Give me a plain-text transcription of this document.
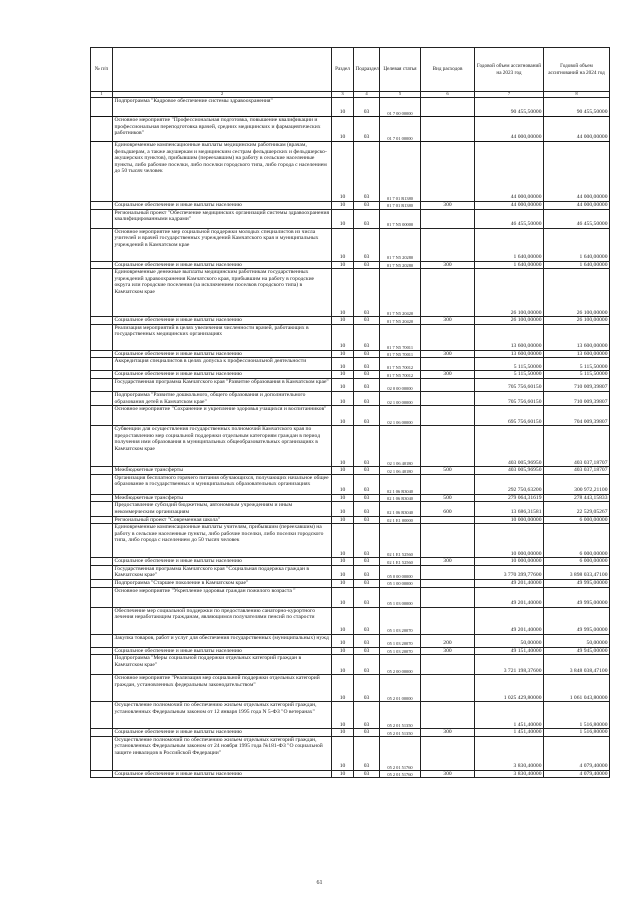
№ п/п		Раздел	Подраздел	Целевая статья	Вид расходов	Годовой объем ассигнований на 2023 год	Годовой объем ассигнований на 2024 год
1	2	3	4	5	6	7	8
	Подпрограмма "Кадровое обеспечение системы здравоохранения"	10	03	01 7 00 00000		90 455,50000	90 455,50000
	Основное мероприятие "Профессиональная подготовка, повышение квалификации и профессиональная переподготовка врачей, средних медицинских и фармацевтических работников"	10	03	01 7 01 00000		44 000,00000	44 000,00000
	Единовременные компенсационные выплаты медицинским работникам (врачам, фельдшерам, а также акушеркам и медицинским сестрам фельдшерских и фельдшерско-акушерских пунктов), прибывшим (переехавшим) на работу в сельские населенные пункты, либо рабочие поселки, либо поселки городского типа, либо города с населением до 50 тысяч человек	10	03	01 7 01 R1380		44 000,00000	44 000,00000
	Социальное обеспечение и иные выплаты населению	10	03	01 7 01 R1380	300	44 000,00000	44 000,00000
	Региональный проект "Обеспечение медицинских организаций системы здравоохранения квалифицированными кадрами"	10	03	01 7 N5 00000		46 455,50000	46 455,50000
	Основное мероприятие мер социальной поддержки молодых специалистов из числа учителей и врачей государственных учреждений Камчатского края и муниципальных учреждений в Камчатском крае	10	03	01 7 N5 20280		1 640,00000	1 640,00000
	Социальное обеспечение и иные выплаты населению	10	03	01 7 N5 20280	300	1 640,00000	1 640,00000
	Единовременные денежные выплаты медицинским работникам государственных учреждений здравоохранения Камчатского края, прибывшим на работу в городские округа или городские поселения (за исключением поселков городского типа) в Камчатском крае	10	03	01 7 N5 20420		26 100,00000	26 100,00000
	Социальное обеспечение и иные выплаты населению	10	03	01 7 N5 20420	300	26 100,00000	26 100,00000
	Реализация мероприятий в целях увеличения численности врачей, работающих в государственных медицинских организациях	10	03	01 7 N5 70011		13 600,00000	13 600,00000
	Социальное обеспечение и иные выплаты населению	10	03	01 7 N5 70011	300	13 600,00000	13 600,00000
	Аккредитация специалистов в целях допуска к профессиональной деятельности	10	03	01 7 N5 70012		5 115,50000	5 115,50000
	Социальное обеспечение и иные выплаты населению	10	03	01 7 N5 70012	300	5 115,50000	5 115,50000
	Государственная программа Камчатского края "Развитие образования в Камчатском крае"	10	03	02 0 00 00000		705 756,60150	710 009,39807
	Подпрограмма "Развитие дошкольного, общего образования и дополнительного образования детей в Камчатском крае"	10	03	02 1 00 00000		705 756,60150	710 009,39807
	Основное мероприятие "Сохранение и укрепление здоровья учащихся и воспитанников"	10	03	02 1 06 00000		695 756,60150	704 009,39807
	Субвенции для осуществления государственных полномочий Камчатского края по предоставлению мер социальной поддержки отдельным категориям граждан в период получения ими образования в муниципальных общеобразовательных организациях в Камчатском крае	10	03	02 1 06 40180		403 005,96950	403 037,18707
	Межбюджетные трансферты	10	03	02 1 06 40180	500	403 005,96950	403 037,18707
	Организация бесплатного горячего питания обучающихся, получающих начальное общее образование в государственных и муниципальных образовательных организациях	10	03	02 1 06 R3040		292 750,63200	300 972,21100
	Межбюджетные трансферты	10	03	02 1 06 R3040	500	279 064,31619	278 443,15833
	Предоставление субсидий бюджетным, автономным учреждениям и иным некоммерческим организациям	10	03	02 1 06 R3040	600	13 686,31581	22 529,05267
	Региональный проект "Современная школа"	10	03	02 1 E1 00000		10 000,00000	6 000,00000
	Единовременные компенсационные выплаты учителям, прибывшим (переехавшим) на работу в сельские населенные пункты, либо рабочие поселки, либо поселки городского типа, либо города с населением до 50 тысяч человек	10	03	02 1 E1 52560		10 000,00000	6 000,00000
	Социальное обеспечение и иные выплаты населению	10	03	02 1 E1 52560	300	10 000,00000	6 000,00000
	Государственная программа Камчатского края "Социальная поддержка граждан в Камчатском крае"	10	03	05 0 00 00000		3 770 399,77600	3 898 033,47100
	Подпрограмма "Старшее поколение в Камчатском крае"	10	03	05 1 00 00000		49 201,40000	49 995,00000
	Основное мероприятие "Укрепление здоровья граждан пожилого возраста "	10	03	05 1 03 00000		49 201,40000	49 995,00000
	Обеспечение мер социальной поддержки по предоставлению санаторно-курортного лечения неработающим гражданам, являющимся получателями пенсий по старости	10	03	05 1 03 20070		49 201,40000	49 995,00000
	Закупка товаров, работ и услуг для обеспечения государственных (муниципальных) нужд	10	03	05 1 03 20070	200	50,00000	50,00000
	Социальное обеспечение и иные выплаты населению	10	03	05 1 03 20070	300	49 151,40000	49 945,00000
	Подпрограмма "Меры социальной поддержки отдельных категорий граждан в Камчатском крае"	10	03	05 2 00 00000		3 721 198,37600	3 848 038,47100
	Основное мероприятие "Реализация мер социальной поддержки отдельных категорий граждан, установленных федеральным законодательством"	10	03	05 2 01 00000		1 025 429,80000	1 061 043,80000
	Осуществление полномочий по обеспечению жильем отдельных категорий граждан, установленных Федеральным законом от 12 января 1995 года N 5-ФЗ "О ветеранах"	10	03	05 2 01 51350		1 451,40000	1 516,80000
	Социальное обеспечение и иные выплаты населению	10	03	05 2 01 51350	300	1 451,40000	1 516,80000
	Осуществление полномочий по обеспечению жильем отдельных категорий граждан, установленных Федеральным законом от 24 ноября 1995 года №181-ФЗ "О социальной защите инвалидов в Российской Федерации"	10	03	05 2 01 51760		3 830,40000	4 079,40000
	Социальное обеспечение и иные выплаты населению	10	03	05 2 01 51760	300	3 830,40000	4 079,40000
61
